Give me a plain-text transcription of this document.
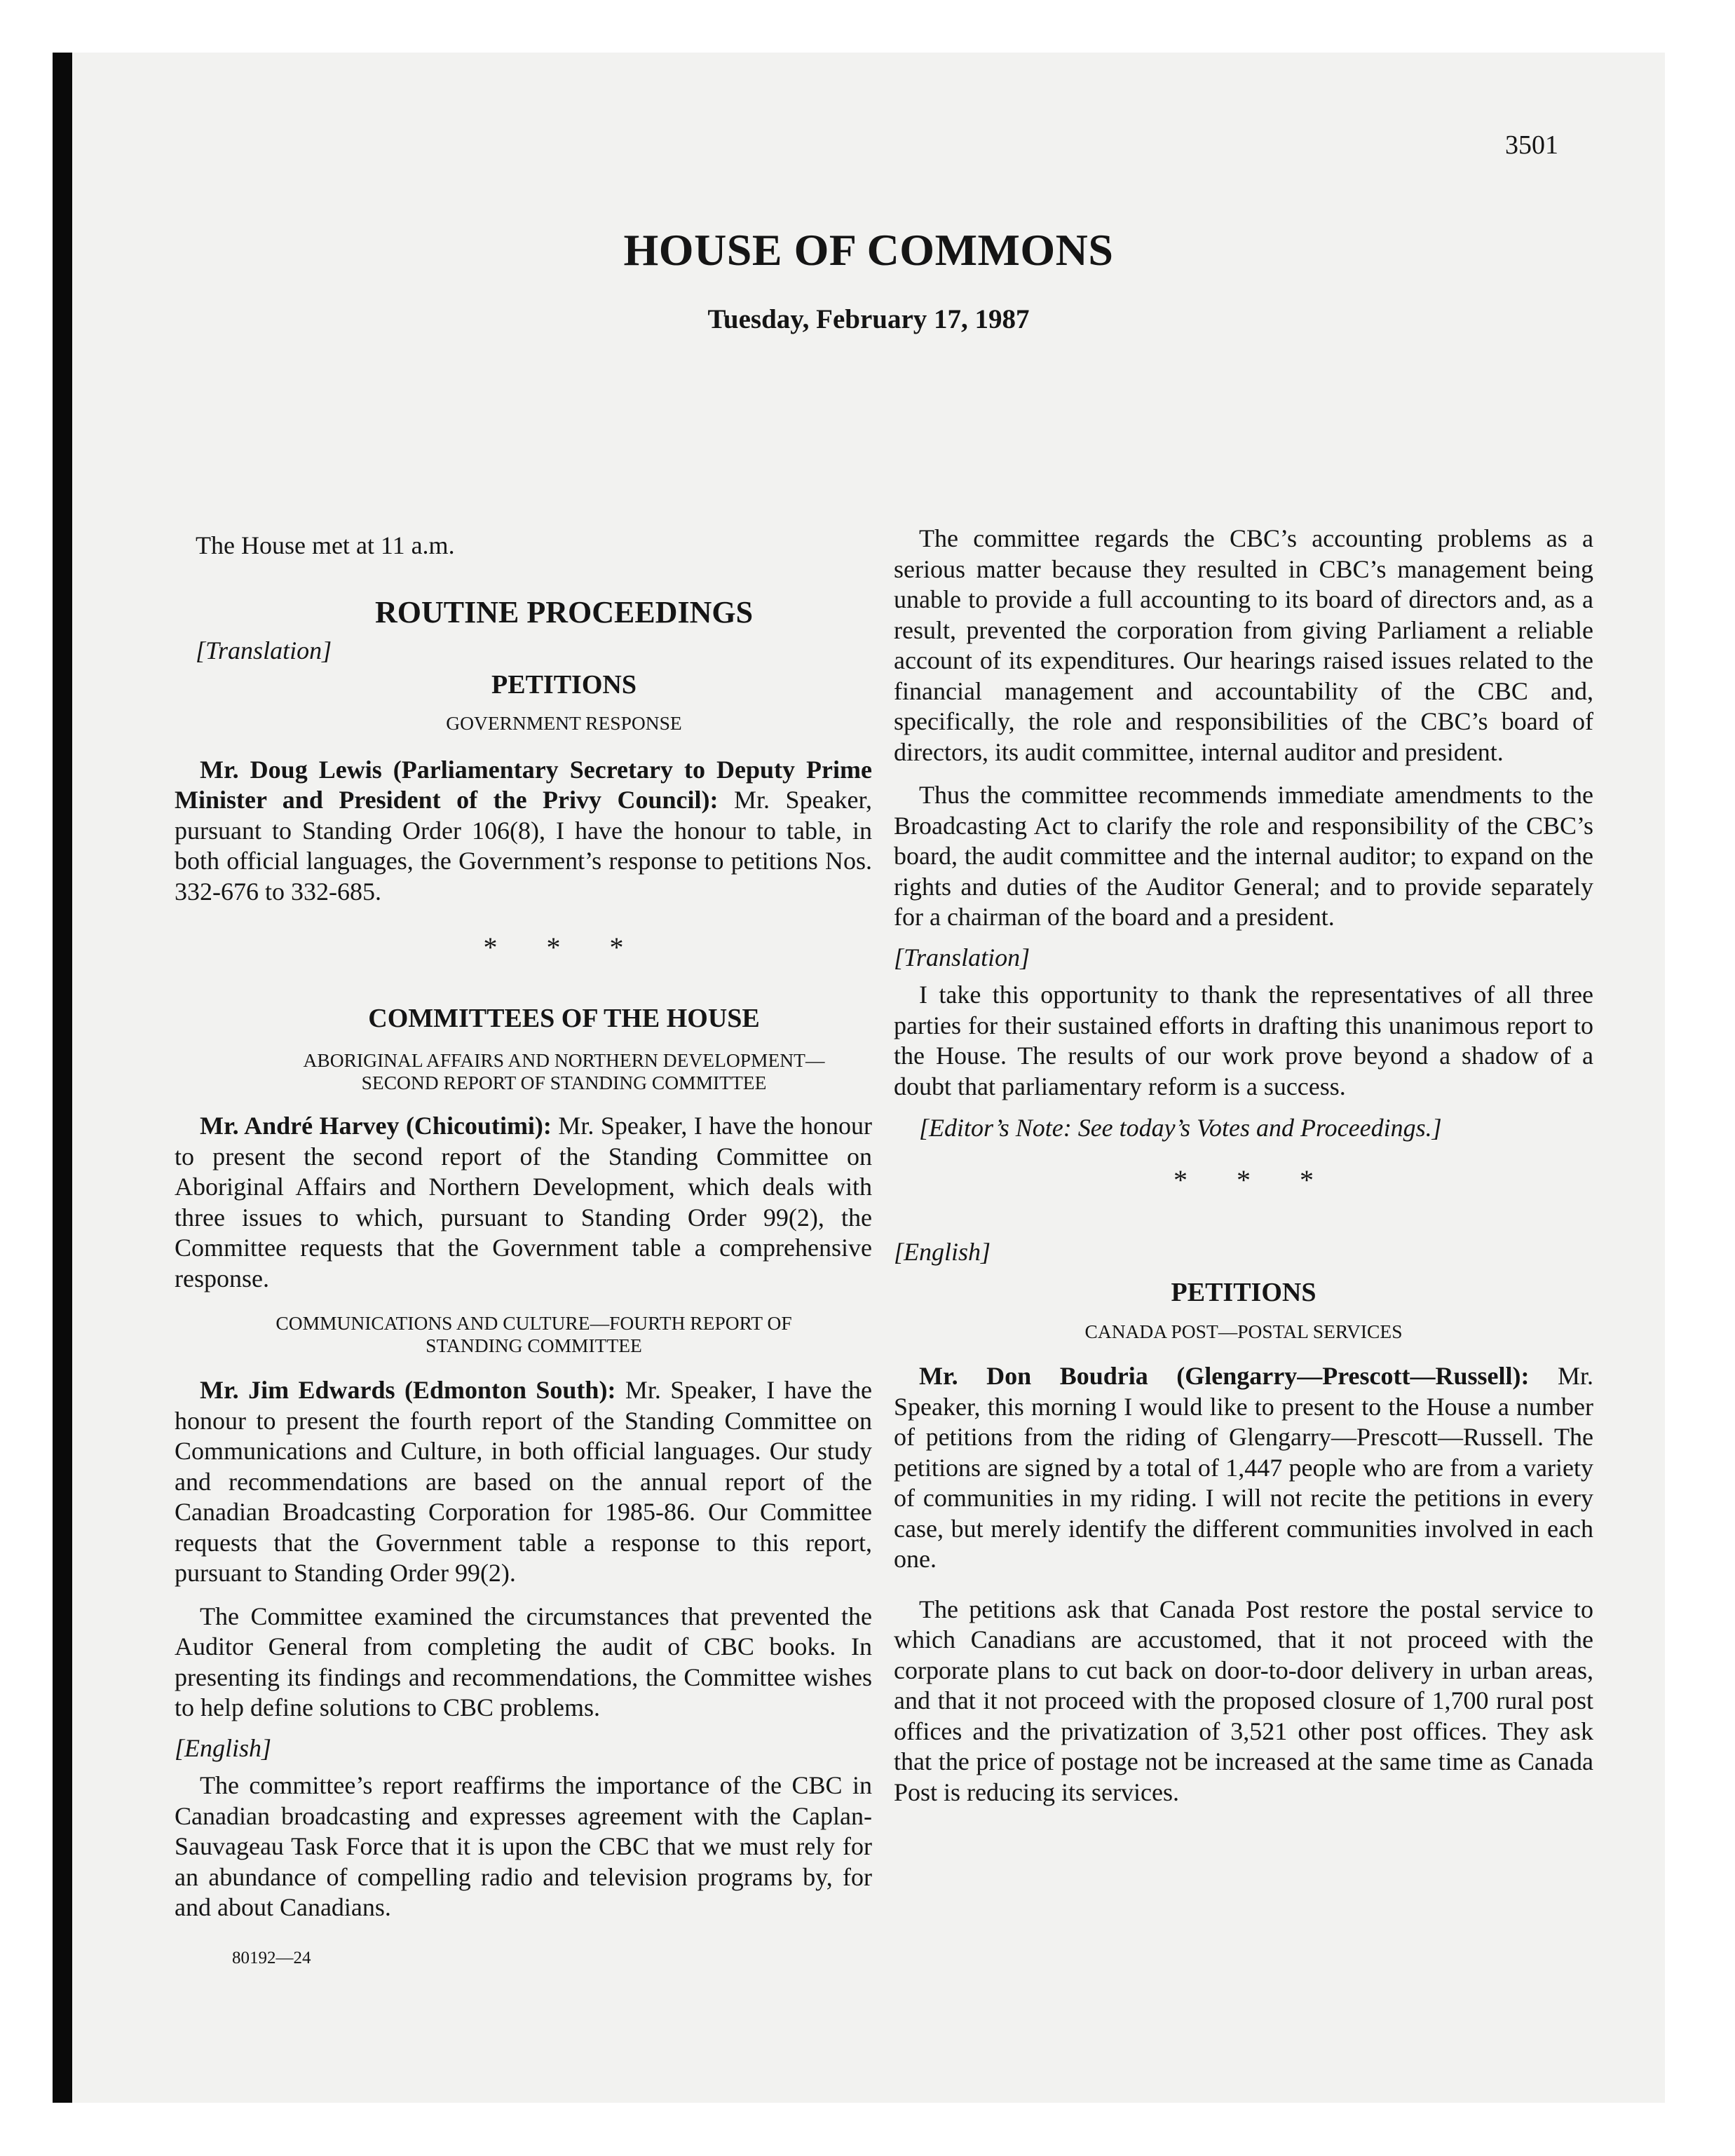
3501
HOUSE OF COMMONS
Tuesday, February 17, 1987

The House met at 11 a.m.

ROUTINE PROCEEDINGS
[Translation]
PETITIONS
GOVERNMENT RESPONSE

Mr. Doug Lewis (Parliamentary Secretary to Deputy Prime Minister and President of the Privy Council): Mr. Speaker, pursuant to Standing Order 106(8), I have the honour to table, in both official languages, the Government’s response to petitions Nos. 332-676 to 332-685.

* * *
COMMITTEES OF THE HOUSE
ABORIGINAL AFFAIRS AND NORTHERN DEVELOPMENT—
SECOND REPORT OF STANDING COMMITTEE

Mr. André Harvey (Chicoutimi): Mr. Speaker, I have the honour to present the second report of the Standing Committee on Aboriginal Affairs and Northern Development, which deals with three issues to which, pursuant to Standing Order 99(2), the Committee requests that the Government table a comprehensive response.

COMMUNICATIONS AND CULTURE—FOURTH REPORT OF
STANDING COMMITTEE

Mr. Jim Edwards (Edmonton South): Mr. Speaker, I have the honour to present the fourth report of the Standing Committee on Communications and Culture, in both official languages. Our study and recommendations are based on the annual report of the Canadian Broadcasting Corporation for 1985-86. Our Committee requests that the Government table a response to this report, pursuant to Standing Order 99(2).

The Committee examined the circumstances that prevented the Auditor General from completing the audit of CBC books. In presenting its findings and recommendations, the Committee wishes to help define solutions to CBC problems.

[English]

The committee’s report reaffirms the importance of the CBC in Canadian broadcasting and expresses agreement with the Caplan-Sauvageau Task Force that it is upon the CBC that we must rely for an abundance of compelling radio and television programs by, for and about Canadians.

The committee regards the CBC’s accounting problems as a serious matter because they resulted in CBC’s management being unable to provide a full accounting to its board of directors and, as a result, prevented the corporation from giving Parliament a reliable account of its expenditures. Our hearings raised issues related to the financial management and accountability of the CBC and, specifically, the role and responsibilities of the CBC’s board of directors, its audit committee, internal auditor and president.

Thus the committee recommends immediate amendments to the Broadcasting Act to clarify the role and responsibility of the CBC’s board, the audit committee and the internal auditor; to expand on the rights and duties of the Auditor General; and to provide separately for a chairman of the board and a president.

[Translation]

I take this opportunity to thank the representatives of all three parties for their sustained efforts in drafting this unanimous report to the House. The results of our work prove beyond a shadow of a doubt that parliamentary reform is a success.

[Editor’s Note: See today’s Votes and Proceedings.]
* * *
[English]
PETITIONS
CANADA POST—POSTAL SERVICES

Mr. Don Boudria (Glengarry—Prescott—Russell): Mr. Speaker, this morning I would like to present to the House a number of petitions from the riding of Glengarry—Prescott—Russell. The petitions are signed by a total of 1,447 people who are from a variety of communities in my riding. I will not recite the petitions in every case, but merely identify the different communities involved in each one.

The petitions ask that Canada Post restore the postal service to which Canadians are accustomed, that it not proceed with the corporate plans to cut back on door-to-door delivery in urban areas, and that it not proceed with the proposed closure of 1,700 rural post offices and the privatization of 3,521 other post offices. They ask that the price of postage not be increased at the same time as Canada Post is reducing its services.

80192—24
